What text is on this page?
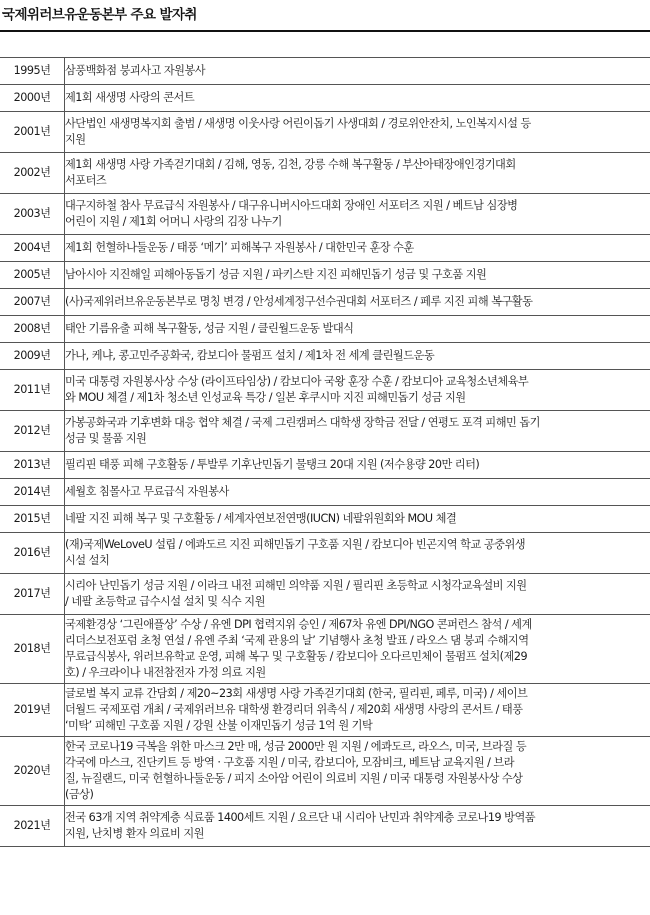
국제위러브유운동본부 주요 발자취
1995년	삼풍백화점 붕괴사고 자원봉사

2000년	제1회 새생명 사랑의 콘서트

2001년	사단법인 새생명복지회 출범 / 새생명 이웃사랑 어린이돕기 사생대회 / 경로위안잔치, 노인복지시설 등
지원

2002년	제1회 새생명 사랑 가족걷기대회 / 김해, 영동, 김천, 강릉 수해 복구활동 / 부산아태장애인경기대회
서포터즈

2003년	대구지하철 참사 무료급식 자원봉사 / 대구유니버시아드대회 장애인 서포터즈 지원 / 베트남 심장병
어린이 지원 / 제1회 어머니 사랑의 김장 나누기

2004년	제1회 헌혈하나둘운동 / 태풍 ‘메기’ 피해복구 자원봉사 / 대한민국 훈장 수훈

2005년	남아시아 지진해일 피해아동돕기 성금 지원 / 파키스탄 지진 피해민돕기 성금 및 구호품 지원

2007년	(사)국제위러브유운동본부로 명칭 변경 / 안성세계정구선수권대회 서포터즈 / 페루 지진 피해 복구활동

2008년	태안 기름유출 피해 복구활동, 성금 지원 / 클린월드운동 발대식

2009년	가나, 케냐, 콩고민주공화국, 캄보디아 물펌프 설치 / 제1차 전 세계 클린월드운동

2011년	미국 대통령 자원봉사상 수상 (라이프타임상) / 캄보디아 국왕 훈장 수훈 / 캄보디아 교육청소년체육부
와 MOU 체결 / 제1차 청소년 인성교육 특강 / 일본 후쿠시마 지진 피해민돕기 성금 지원

2012년	가봉공화국과 기후변화 대응 협약 체결 / 국제 그린캠퍼스 대학생 장학금 전달 / 연평도 포격 피해민 돕기
성금 및 물품 지원

2013년	필리핀 태풍 피해 구호활동 / 투발루 기후난민돕기 물탱크 20대 지원 (저수용량 20만 리터)

2014년	세월호 침몰사고 무료급식 자원봉사

2015년	네팔 지진 피해 복구 및 구호활동 / 세계자연보전연맹(IUCN) 네팔위원회와 MOU 체결

2016년	(재)국제WeLoveU 설립 / 에콰도르 지진 피해민돕기 구호품 지원 / 캄보디아 빈곤지역 학교 공중위생
시설 설치

2017년	시리아 난민돕기 성금 지원 / 이라크 내전 피해민 의약품 지원 / 필리핀 초등학교 시청각교육설비 지원
/ 네팔 초등학교 급수시설 설치 및 식수 지원

2018년	국제환경상 ‘그린애플상’ 수상 / 유엔 DPI 협력지위 승인 / 제67차 유엔 DPI/NGO 콘퍼런스 참석 / 세계
리더스보전포럼 초청 연설 / 유엔 주최 ‘국제 관용의 날’ 기념행사 초청 발표 / 라오스 댐 붕괴 수해지역
무료급식봉사, 위러브유학교 운영, 피해 복구 및 구호활동 / 캄보디아 오다르민체이 물펌프 설치(제29
호) / 우크라이나 내전참전자 가정 의료 지원

2019년	글로벌 복지 교류 간담회 / 제20~23회 새생명 사랑 가족걷기대회 (한국, 필리핀, 페루, 미국) / 세이브
더월드 국제포럼 개최 / 국제위러브유 대학생 환경리더 위촉식 / 제20회 새생명 사랑의 콘서트 / 태풍
‘미탁’ 피해민 구호품 지원 / 강원 산불 이재민돕기 성금 1억 원 기탁

2020년	한국 코로나19 극복을 위한 마스크 2만 매, 성금 2000만 원 지원 / 에콰도르, 라오스, 미국, 브라질 등
각국에 마스크, 진단키트 등 방역 · 구호품 지원 / 미국, 캄보디아, 모잠비크, 베트남 교육지원 / 브라
질, 뉴질랜드, 미국 헌혈하나둘운동 / 피지 소아암 어린이 의료비 지원 / 미국 대통령 자원봉사상 수상
(금상)

2021년	전국 63개 지역 취약계층 식료품 1400세트 지원 / 요르단 내 시리아 난민과 취약계층 코로나19 방역품
지원, 난치병 환자 의료비 지원
